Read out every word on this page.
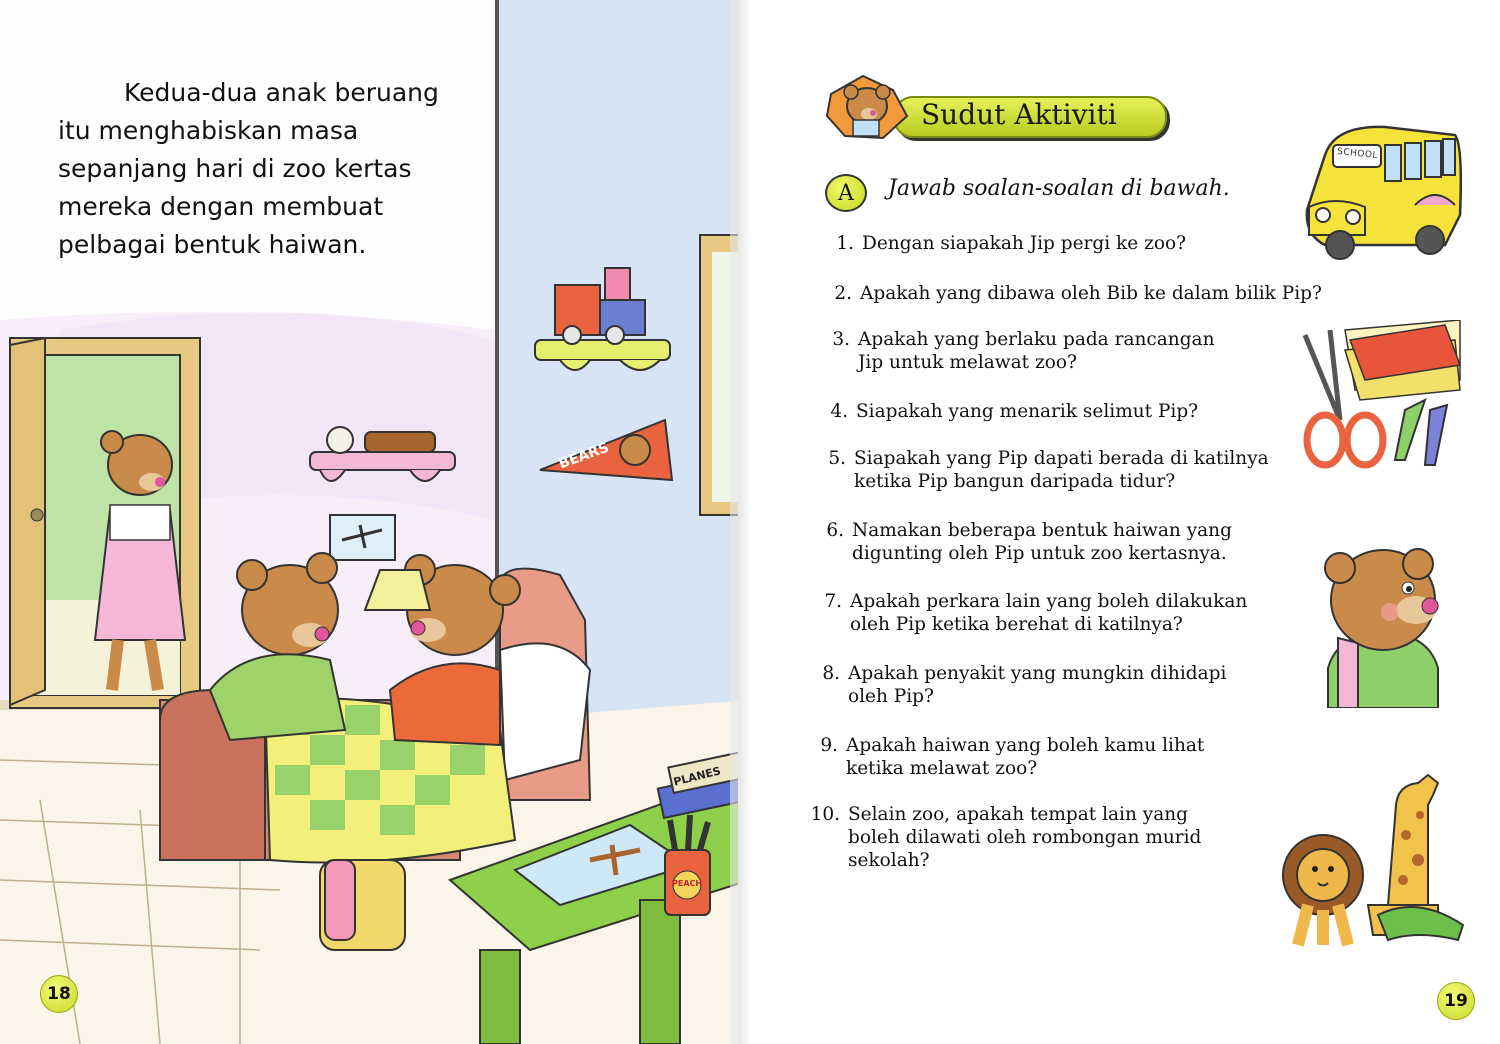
BEARS
PLANES
PEACH

Kedua-dua anak beruang itu menghabiskan masa sepanjang hari di zoo kertas mereka dengan membuat pelbagai bentuk haiwan.

18
Sudut Aktiviti
A	Jawab soalan-soalan di bawah.
1. Dengan siapakah Jip pergi ke zoo?
2. Apakah yang dibawa oleh Bib ke dalam bilik Pip?
3. Apakah yang berlaku pada rancangan Jip untuk melawat zoo?
4. Siapakah yang menarik selimut Pip?
5. Siapakah yang Pip dapati berada di katilnya ketika Pip bangun daripada tidur?
6. Namakan beberapa bentuk haiwan yang digunting oleh Pip untuk zoo kertasnya.
7. Apakah perkara lain yang boleh dilakukan oleh Pip ketika berehat di katilnya?
8. Apakah penyakit yang mungkin dihidapi oleh Pip?
9. Apakah haiwan yang boleh kamu lihat ketika melawat zoo?
10. Selain zoo, apakah tempat lain yang boleh dilawati oleh rombongan murid sekolah?
SCHOOL
19
